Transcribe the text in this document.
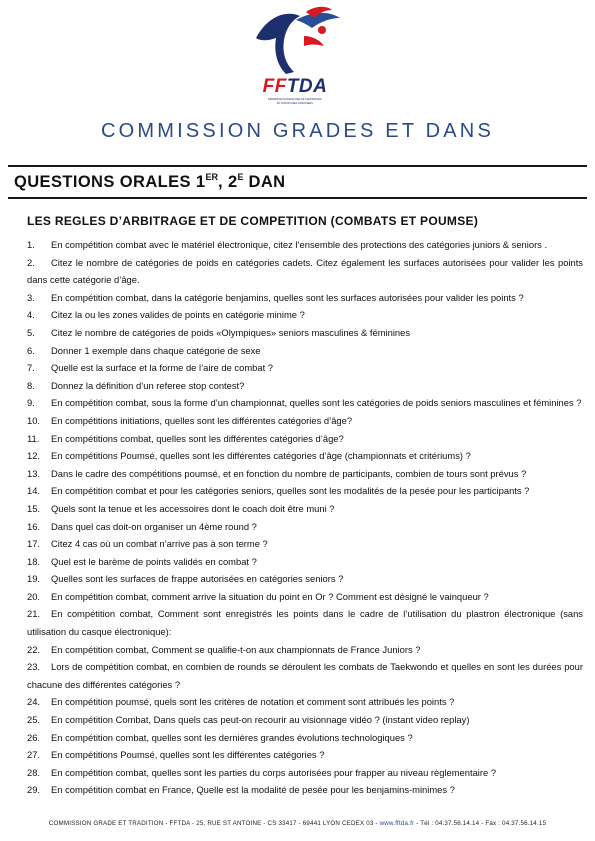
FFTDA
FÉDÉRATION FRANÇAISE DE TAEKWONDO
ET DISCIPLINES ASSOCIÉES
COMMISSION GRADES ET DANS
QUESTIONS ORALES 1ER, $2^E$ DAN
LES REGLES D’ARBITRAGE ET DE COMPETITION (COMBATS ET POUMSE)
1. En compétition combat avec le matériel électronique, citez l’ensemble des protections des catégories juniors & seniors .
2. Citez le nombre de catégories de poids en catégories cadets. Citez également les surfaces autorisées pour valider les points dans cette catégorie d’âge.
3. En compétition combat, dans la catégorie benjamins, quelles sont les surfaces autorisées pour valider les points ?
4. Citez la ou les zones valides de points en catégorie minime ?
5. Citez le nombre de catégories de poids «Olympiques» seniors masculines & féminines
6. Donner 1 exemple dans chaque catégorie de sexe
7. Quelle est la surface et la forme de l’aire de combat ?
8. Donnez la définition d’un referee stop contest?
9. En compétition combat, sous la forme d’un championnat, quelles sont les catégories de poids seniors masculines et féminines ?
10. En compétitions initiations, quelles sont les différentes catégories d’âge?
11. En compétitions combat, quelles sont les différentes catégories d’âge?
12. En compétitions Poumsé, quelles sont les différentes catégories d’âge (championnats et critériums) ?
13. Dans le cadre des compétitions poumsé, et en fonction du nombre de participants, combien de tours sont prévus ?
14. En compétition combat et pour les catégories seniors, quelles sont les modalités de la pesée pour les participants ?
15. Quels sont la tenue et les accessoires dont le coach doit être muni ?
16. Dans quel cas doit-on organiser un 4ème round ?
17. Citez 4 cas où un combat n’arrive pas à son terme ?
18. Quel est le barème de points validés en combat ?
19. Quelles sont les surfaces de frappe autorisées en catégories seniors ?
20. En compétition combat, comment arrive la situation du point en Or ? Comment est désigné le vainqueur ?
21. En compétition combat, Comment sont enregistrés les points dans le cadre de l’utilisation du plastron électronique (sans utilisation du casque électronique):
22. En compétition combat, Comment se qualifie-t-on aux championnats de France Juniors ?
23. Lors de compétition combat, en combien de rounds se déroulent les combats de Taekwondo et quelles en sont les durées pour chacune des différentes catégories ?
24. En compétition poumsé, quels sont les critères de notation et comment sont attribués les points ?
25. En compétition Combat, Dans quels cas peut-on recourir au visionnage vidéo ? (instant video replay)
26. En compétition combat, quelles sont les dernières grandes évolutions technologiques ?
27. En compétitions Poumsé, quelles sont les différentes catégories ?
28. En compétition combat, quelles sont les parties du corps autorisées pour frapper au niveau règlementaire ?
29. En compétition combat en France, Quelle est la modalité de pesée pour les benjamins-minimes ?
COMMISSION GRADE ET TRADITION - FFTDA - 25, RUE ST ANTOINE - CS 33417 - 69441 LYON CEDEX 03 - www.fftda.fr - Tél : 04.37.56.14.14 - Fax : 04.37.56.14.15
